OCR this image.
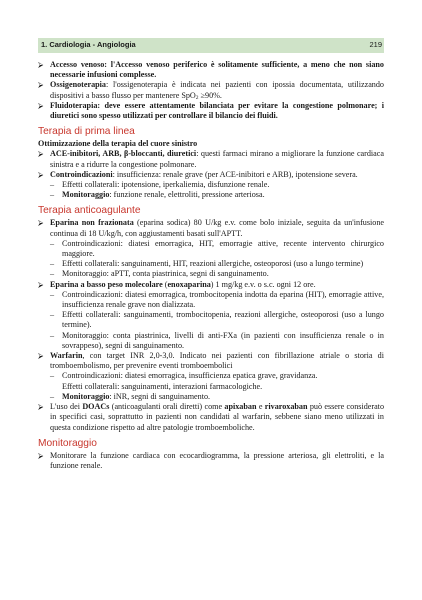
1. Cardiologia - Angiologia	219
⮚ Accesso venoso: l'Accesso venoso periferico è solitamente sufficiente, a meno che non siano necessarie infusioni complesse.
⮚ Ossigenoterapia: l'ossigenoterapia è indicata nei pazienti con ipossia documentata, utilizzando dispositivi a basso flusso per mantenere SpO$_2$ ≥90%.
⮚ Fluidoterapia: deve essere attentamente bilanciata per evitare la congestione polmonare; i diuretici sono spesso utilizzati per controllare il bilancio dei fluidi.
Terapia di prima linea
Ottimizzazione della terapia del cuore sinistro
⮚ ACE-inibitori, ARB, β-bloccanti, diuretici: questi farmaci mirano a migliorare la funzione cardiaca sinistra e a ridurre la congestione polmonare.
⮚ Controindicazioni: insufficienza: renale grave (per ACE-inibitori e ARB), ipotensione severa.
– Effetti collaterali: ipotensione, iperkaliemia, disfunzione renale.
– Monitoraggio: funzione renale, elettroliti, pressione arteriosa.
Terapia anticoagulante
⮚ Eparina non frazionata (eparina sodica) 80 U/kg e.v. come bolo iniziale, seguita da un'infusione continua di 18 U/kg/h, con aggiustamenti basati sull'APTT.
– Controindicazioni: diatesi emorragica, HIT, emorragie attive, recente intervento chirurgico maggiore.
– Effetti collaterali: sanguinamenti, HIT, reazioni allergiche, osteoporosi (uso a lungo termine)
– Monitoraggio: aPTT, conta piastrinica, segni di sanguinamento.
⮚ Eparina a basso peso molecolare (enoxaparina) 1 mg/kg e.v. o s.c. ogni 12 ore.
– Controindicazioni: diatesi emorragica, trombocitopenia indotta da eparina (HIT), emorragie attive, insufficienza renale grave non dializzata.
– Effetti collaterali: sanguinamenti, trombocitopenia, reazioni allergiche, osteoporosi (uso a lungo termine).
– Monitoraggio: conta piastrinica, livelli di anti-FXa (in pazienti con insufficienza renale o in sovrappeso), segni di sanguinamento.
⮚ Warfarin, con target INR 2,0-3,0. Indicato nei pazienti con fibrillazione atriale o storia di tromboembolismo, per prevenire eventi tromboembolici
– Controindicazioni: diatesi emorragica, insufficienza epatica grave, gravidanza.
Effetti collaterali: sanguinamenti, interazioni farmacologiche.
– Monitoraggio: iNR, segni di sanguinamento.
⮚ L'uso dei DOACs (anticoagulanti orali diretti) come apixaban e rivaroxaban può essere considerato in specifici casi, soprattutto in pazienti non candidati al warfarin, sebbene siano meno utilizzati in questa condizione rispetto ad altre patologie tromboemboliche.
Monitoraggio
⮚ Monitorare la funzione cardiaca con ecocardiogramma, la pressione arteriosa, gli elettroliti, e la funzione renale.
